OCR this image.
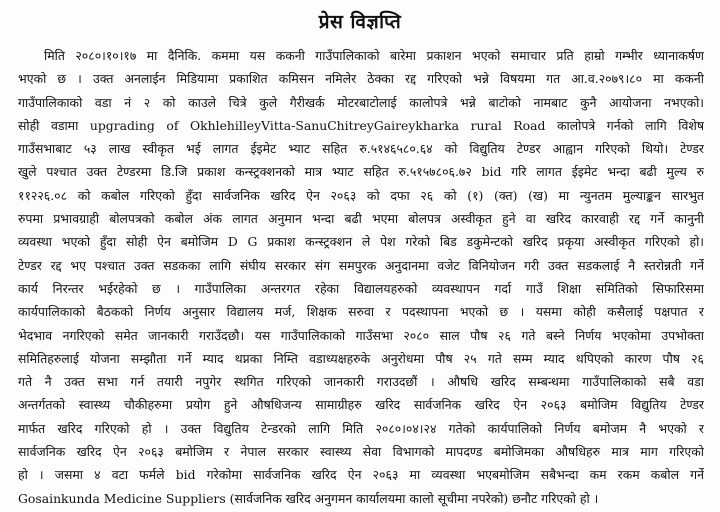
प्रेस विज्ञप्ति
मिति २०८०।१०।१७ मा दैनिकि. कममा यस ककनी गाउँपालिकाको बारेमा प्रकाशन भएको समाचार प्रति हाम्रो गम्भीर ध्यानाकर्षण
भएको छ । उक्त अनलाईन मिडियामा प्रकाशित कमिसन नमिलेर ठेक्का रद्द गरिएको भन्ने विषयमा गत आ.व.२०७९।८० मा ककनी
गाउँपालिकाको वडा नं २ को काउले चित्रे कुले गैरीखर्क मोटरबाटोलाई कालोपत्रे भन्ने बाटोको नामबाट कुनै आयोजना नभएको।
सोही वडामा upgrading of OkhlehilleyVitta-SanuChitreyGaireykharka rural Road कालोपत्रे गर्नको लागि विशेष
गाउँसभाबाट ५३ लाख स्वीकृत भई लागत ईइमेट भ्याट सहित रु.५१४६५८०.६४ को विद्युतिय टेण्डर आह्वान गरिएको थियो। टेण्डर
खुले पश्चात उक्त टेण्डरमा डि.जि प्रकाश कन्स्ट्रक्शनको मात्र भ्याट सहित रु.५१५७८०६.७२ bid गरि लागत ईइमेट भन्दा बढी मुल्य रु
११२२६.०८ को कबोल गरिएको हुँदा सार्वजनिक खरिद ऐन २०६३ को दफा २६ को (१) (क्त) (ख) मा न्युनतम मुल्याङ्कन सारभुत
रुपमा प्रभावग्राही बोलपत्रको कबोल अंक लागत अनुमान भन्दा बढी भएमा बोलपत्र अस्वीकृत हुने वा खरिद कारवाही रद्द गर्ने कानुनी
व्यवस्था भएको हुँदा सोही ऐन बमोजिम D G प्रकाश कन्स्ट्रक्शन ले पेश गरेको बिड डकुमेन्टको खरिद प्रकृया अस्वीकृत गरिएको हो।
टेण्डर रद्द भए पश्चात उक्त सडकका लागि संघीय सरकार संग समपुरक अनुदानमा वजेट विनियोजन गरी उक्त सडकलाई नै स्तरोन्नती गर्ने
कार्य निरन्तर भईरहेको छ । गाउँपालिका अन्तरगत रहेका विद्यालयहरुको व्यवस्थापन गर्दा गाउँ शिक्षा समितिको सिफारिसमा
कार्यपालिकाको बैठकको निर्णय अनुसार विद्यालय मर्ज, शिक्षक सरुवा र पदस्थापना भएको छ । यसमा कोही कसैलाई पक्षपात र
भेदभाव नगरिएको समेत जानकारी गराउँदछौ। यस गाउँपालिकाको गाउँसभा २०८० साल पौष २६ गते बस्ने निर्णय भएकोमा उपभोक्ता
समितिहरुलाई योजना सम्झौता गर्ने म्याद थप्नका निम्ति वडाध्यक्षहरुके अनुरोधमा पौष २५ गते सम्म म्याद थपिएको कारण पौष २६
गते नै उक्त सभा गर्न तयारी नपुगेर स्थगित गरिएको जानकारी गराउदछौं । औषधि खरिद सम्बन्धमा गाउँपालिकाको सबै वडा
अन्तर्गतको स्वास्थ्य चौकीहरुमा प्रयोग हुने औषधिजन्य सामाग्रीहरु खरिद सार्वजनिक खरिद ऐन २०६३ बमोजिम विद्युतिय टेण्डर
मार्फत खरिद गरिएको हो । उक्त विद्युतिय टेन्डरको लागि मिति २०८०।०४।२४ गतेको कार्यपालिको निर्णय बमोजम नै भएको र
सार्वजनिक खरिद ऐन २०६३ बमोजिम र नेपाल सरकार स्वास्थ्य सेवा विभागको मापदण्ड बमोजिमका औषधिहरु मात्र माग गरिएको
हो । जसमा ४ वटा फर्मले bid गरेकोमा सार्वजनिक खरिद ऐन २०६३ मा व्यवस्था भएबमोजिम सबैभन्दा कम रकम कबोल गर्ने
Gosainkunda Medicine Suppliers (सार्वजनिक खरिद अनुगमन कार्यालयमा कालो सूचीमा नपरेको) छनौट गरिएको हो ।
